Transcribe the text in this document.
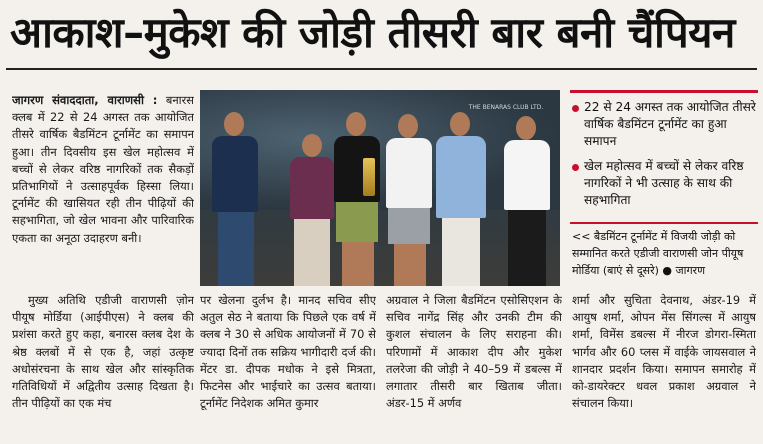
आकाश–मुकेश की जोड़ी तीसरी बार बनी चैंपियन
जागरण संवाददाता, वाराणसी : बनारस क्लब में 22 से 24 अगस्त तक आयोजित तीसरे वार्षिक बैडमिंटन टूर्नामेंट का समापन हुआ। तीन दिवसीय इस खेल महोत्सव में बच्चों से लेकर वरिष्ठ नागरिकों तक सैकड़ों प्रतिभागियों ने उत्साहपूर्वक हिस्सा लिया। टूर्नामेंट की खासियत रही तीन पीढ़ियों की सहभागिता, जो खेल भावना और पारिवारिक एकता का अनूठा उदाहरण बनी।
मुख्य अतिथि एडीजी वाराणसी ज़ोन पीयूष मोर्डिया (आईपीएस) ने क्लब की प्रशंसा करते हुए कहा, बनारस क्लब देश के श्रेष्ठ क्लबों में से एक है, जहां उत्कृष्ट अधोसंरचना के साथ खेल और सांस्कृतिक गतिविधियों में अद्वितीय उत्साह दिखता है। तीन पीढ़ियों का एक मंच
THE BENARAS CLUB LTD.	22 से 24 अगस्त तक आयोजित तीसरे वार्षिक बैडमिंटन टूर्नामेंट का हुआ समापन
खेल महोत्सव में बच्चों से लेकर वरिष्ठ नागरिकों ने भी उत्साह के साथ की सहभागिता
<< बैडमिंटन टूर्नामेंट में विजयी जोड़ी को सम्मानित करते एडीजी वाराणसी जोन पीयूष मोर्डिया (बाएं से दूसरे) ● जागरण
पर खेलना दुर्लभ है। मानद सचिव सीए अतुल सेठ ने बताया कि पिछले एक वर्ष में क्लब ने 30 से अधिक आयोजनों में 70 से ज्यादा दिनों तक सक्रिय भागीदारी दर्ज की। मेंटर डा. दीपक मधोक ने इसे मित्रता, फिटनेस और भाईचारे का उत्सव बताया। टूर्नामेंट निदेशक अमित कुमार
अग्रवाल ने जिला बैडमिंटन एसोसिएशन के सचिव नागेंद्र सिंह और उनकी टीम की कुशल संचालन के लिए सराहना की। परिणामों में आकाश दीप और मुकेश तलरेजा की जोड़ी ने 40–59 में डबल्स में लगातार तीसरी बार खिताब जीता। अंडर-15 में अर्णव
शर्मा और सुचिता देवनाथ, अंडर-19 में आयुष शर्मा, ओपन मेंस सिंगल्स में आयुष शर्मा, विमेंस डबल्स में नीरज डोगरा-स्मिता भार्गव और 60 प्लस में वाईके जायसवाल ने शानदार प्रदर्शन किया। समापन समारोह में को-डायरेक्टर धवल प्रकाश अग्रवाल ने संचालन किया।
